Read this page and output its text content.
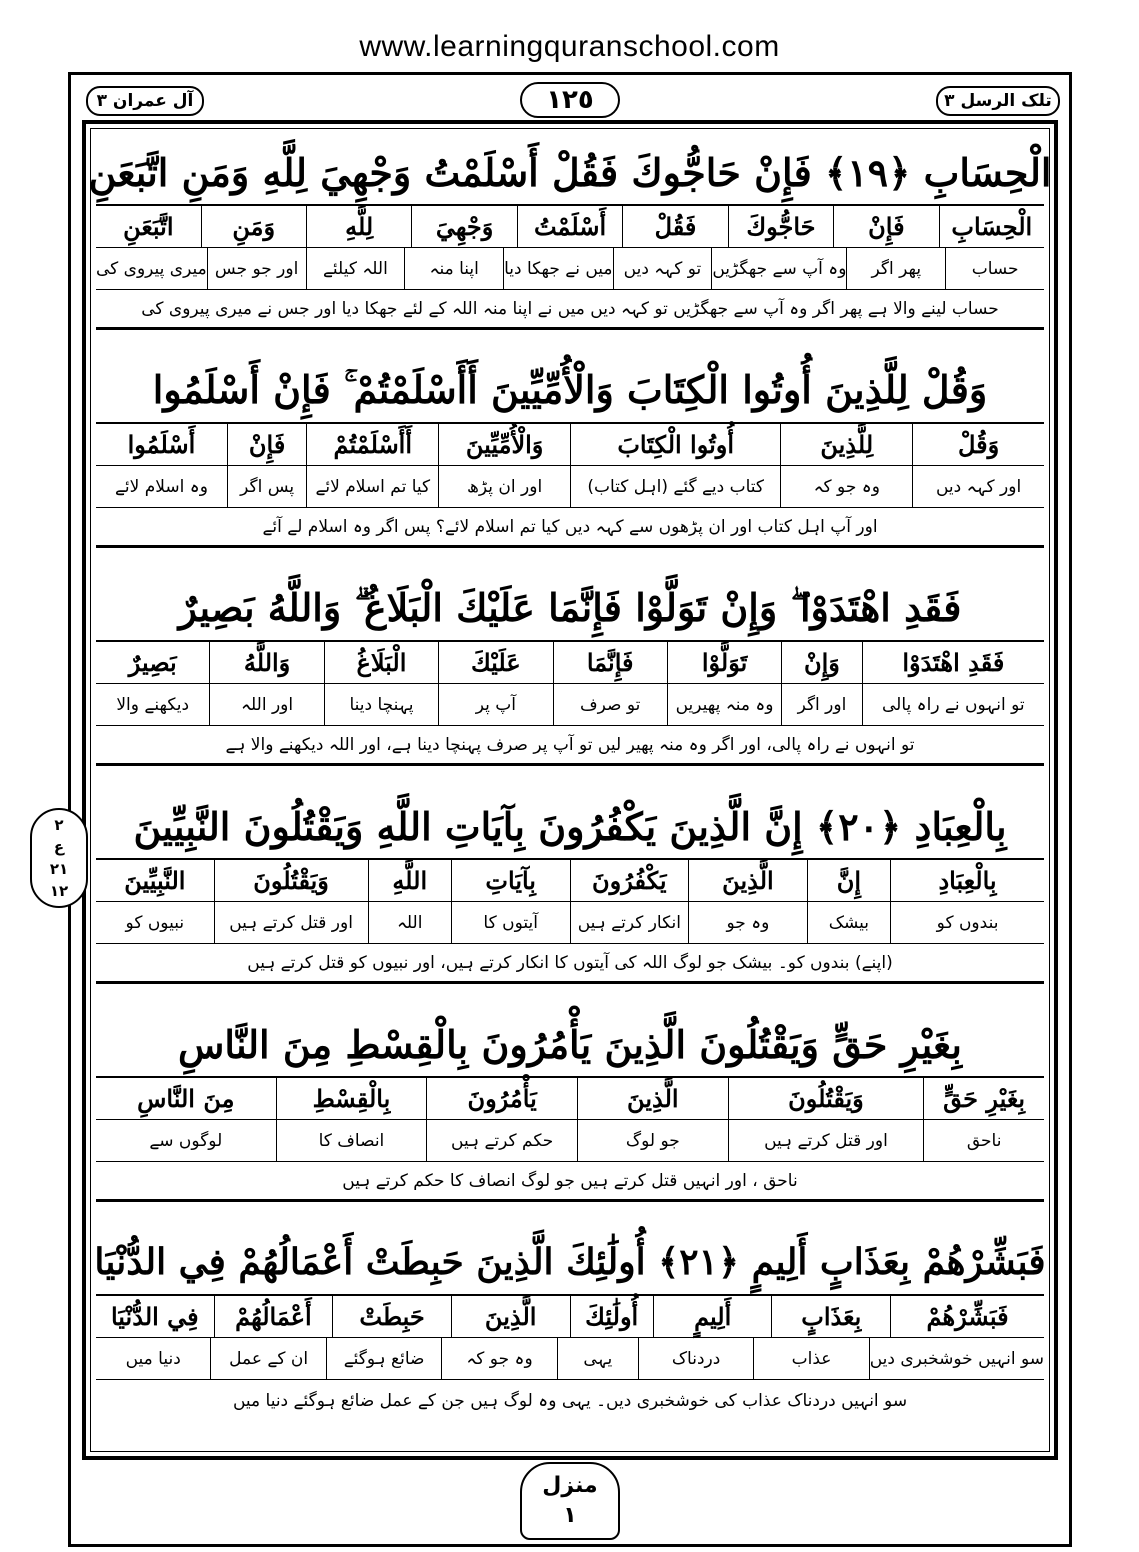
www.learningquranschool.com
آل عمران ٣	١٢٥	تلک الرسل ٣
٢
ع
٢١
١٢
الْحِسَابِ ﴿١٩﴾ فَإِنْ حَاجُّوكَ فَقُلْ أَسْلَمْتُ وَجْهِيَ لِلَّهِ وَمَنِ اتَّبَعَنِ
الْحِسَابِ
فَإِنْ
حَاجُّوكَ
فَقُلْ
أَسْلَمْتُ
وَجْهِيَ
لِلَّهِ
وَمَنِ
اتَّبَعَنِ
حساب
پھر اگر
وہ آپ سے جھگڑیں
تو کہہ دیں
میں نے جھکا دیا
اپنا منہ
اللہ کیلئے
اور جو جس
میری پیروی کی
حساب لینے والا ہے پھر اگر وہ آپ سے جھگڑیں تو کہہ دیں میں نے اپنا منہ اللہ کے لئے جھکا دیا اور جس نے میری پیروی کی
وَقُلْ لِلَّذِينَ أُوتُوا الْكِتَابَ وَالْأُمِّيِّينَ أَأَسْلَمْتُمْ ۚ فَإِنْ أَسْلَمُوا
وَقُلْ
لِلَّذِينَ
أُوتُوا الْكِتَابَ
وَالْأُمِّيِّينَ
أَأَسْلَمْتُمْ
فَإِنْ
أَسْلَمُوا
اور کہہ دیں
وہ جو کہ
کتاب دیے گئے (اہل کتاب)
اور ان پڑھ
کیا تم اسلام لائے
پس اگر
وہ اسلام لائے
اور آپ اہل کتاب اور ان پڑھوں سے کہہ دیں کیا تم اسلام لائے؟ پس اگر وہ اسلام لے آئے
فَقَدِ اهْتَدَوْا ۖ وَإِنْ تَوَلَّوْا فَإِنَّمَا عَلَيْكَ الْبَلَاغُ ۗ وَاللَّهُ بَصِيرٌ
فَقَدِ اهْتَدَوْا
وَإِنْ
تَوَلَّوْا
فَإِنَّمَا
عَلَيْكَ
الْبَلَاغُ
وَاللَّهُ
بَصِيرٌ
تو انہوں نے راہ پالی
اور اگر
وہ منہ پھیریں
تو صرف
آپ پر
پہنچا دینا
اور اللہ
دیکھنے والا
تو انہوں نے راہ پالی، اور اگر وہ منہ پھیر لیں تو آپ پر صرف پہنچا دینا ہے، اور اللہ دیکھنے والا ہے
بِالْعِبَادِ ﴿٢٠﴾ إِنَّ الَّذِينَ يَكْفُرُونَ بِآيَاتِ اللَّهِ وَيَقْتُلُونَ النَّبِيِّينَ
بِالْعِبَادِ
إِنَّ
الَّذِينَ
يَكْفُرُونَ
بِآيَاتِ
اللَّهِ
وَيَقْتُلُونَ
النَّبِيِّينَ
بندوں کو
بیشک
وہ جو
انکار کرتے ہیں
آیتوں کا
اللہ
اور قتل کرتے ہیں
نبیوں کو
(اپنے) بندوں کو۔ بیشک جو لوگ اللہ کی آیتوں کا انکار کرتے ہیں، اور نبیوں کو قتل کرتے ہیں
بِغَيْرِ حَقٍّ وَيَقْتُلُونَ الَّذِينَ يَأْمُرُونَ بِالْقِسْطِ مِنَ النَّاسِ
بِغَيْرِ حَقٍّ
وَيَقْتُلُونَ
الَّذِينَ
يَأْمُرُونَ
بِالْقِسْطِ
مِنَ النَّاسِ
ناحق
اور قتل کرتے ہیں
جو لوگ
حکم کرتے ہیں
انصاف کا
لوگوں سے
ناحق ، اور انہیں قتل کرتے ہیں جو لوگ انصاف کا حکم کرتے ہیں
فَبَشِّرْهُمْ بِعَذَابٍ أَلِيمٍ ﴿٢١﴾ أُولَٰئِكَ الَّذِينَ حَبِطَتْ أَعْمَالُهُمْ فِي الدُّنْيَا
فَبَشِّرْهُمْ
بِعَذَابٍ
أَلِيمٍ
أُولَٰئِكَ
الَّذِينَ
حَبِطَتْ
أَعْمَالُهُمْ
فِي الدُّنْيَا
سو انہیں خوشخبری دیں
عذاب
دردناک
یہی
وہ جو کہ
ضائع ہوگئے
ان کے عمل
دنیا میں
سو انہیں دردناک عذاب کی خوشخبری دیں۔ یہی وہ لوگ ہیں جن کے عمل ضائع ہوگئے دنیا میں
منزل
١
